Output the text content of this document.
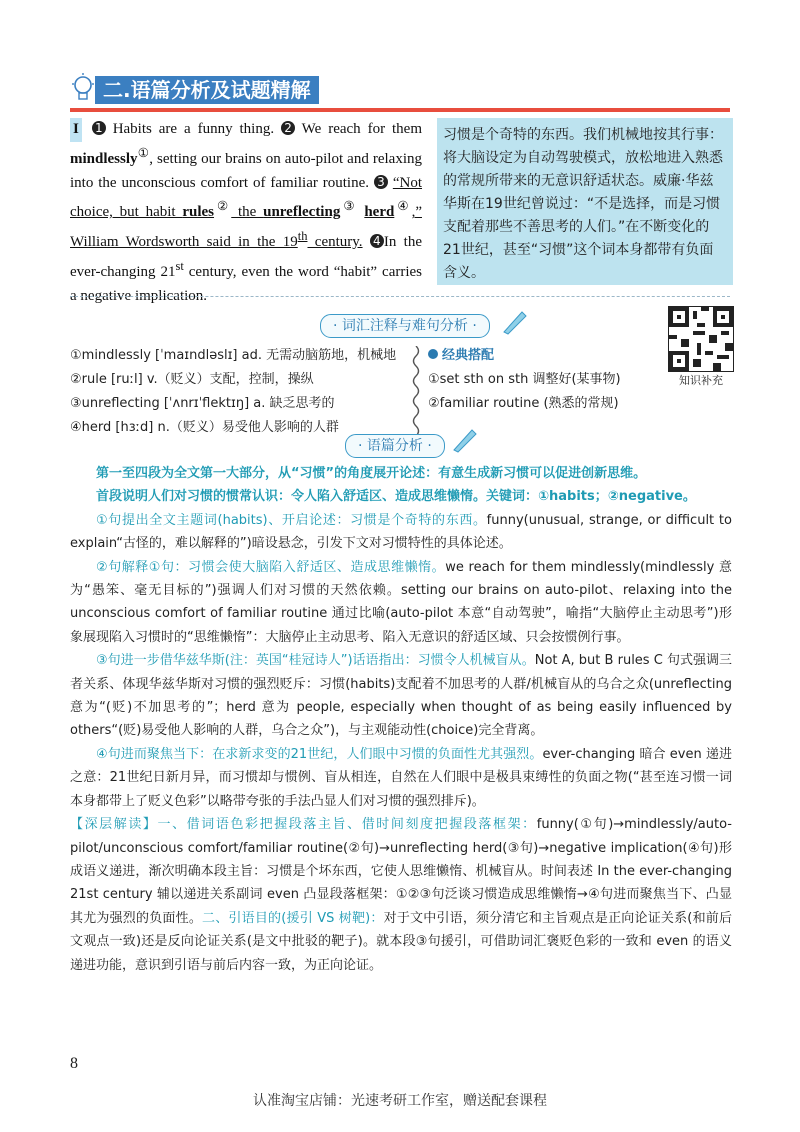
二.语篇分析及试题精解
I 1 Habits are a funny thing. 2 We reach for them mindlessly①, setting our brains on auto-pilot and relaxing into the unconscious comfort of familiar routine. 3 “Not choice, but habit rules② the unreflecting③ herd④,” William Wordsworth said in the 19th century. 4 In the ever-changing 21st century, even the word “habit” carries a negative implication.
习惯是个奇特的东西。我们机械地按其行事：将大脑设定为自动驾驶模式，放松地进入熟悉的常规所带来的无意识舒适状态。威廉·华兹华斯在19世纪曾说过：“不是选择，而是习惯支配着那些不善思考的人们。”在不断变化的21世纪，甚至“习惯”这个词本身都带有负面含义。
· 词汇注释与难句分析 ·
①mindlessly [ˈmaɪndləslɪ] ad. 无需动脑筋地，机械地
②rule [ruːl] v.（贬义）支配，控制，操纵
③unreflecting [ˈʌnrɪˈflektɪŋ] a. 缺乏思考的
④herd [hɜːd] n.（贬义）易受他人影响的人群
经典搭配
①set sth on sth 调整好(某事物)
②familiar routine (熟悉的常规)
知识补充
· 语篇分析 ·

第一至四段为全文第一大部分，从“习惯”的角度展开论述：有意生成新习惯可以促进创新思维。

首段说明人们对习惯的惯常认识：令人陷入舒适区、造成思维懒惰。关键词：①habits；②negative。

①句提出全文主题词(habits)、开启论述：习惯是个奇特的东西。funny(unusual, strange, or difficult to explain“古怪的，难以解释的”)暗设悬念，引发下文对习惯特性的具体论述。

②句解释①句：习惯会使大脑陷入舒适区、造成思维懒惰。we reach for them mindlessly(mindlessly 意为“愚笨、毫无目标的”)强调人们对习惯的天然依赖。setting our brains on auto-pilot、relaxing into the unconscious comfort of familiar routine 通过比喻(auto-pilot 本意“自动驾驶”，喻指“大脑停止主动思考”)形象展现陷入习惯时的“思维懒惰”：大脑停止主动思考、陷入无意识的舒适区域、只会按惯例行事。

③句进一步借华兹华斯(注：英国“桂冠诗人”)话语指出：习惯令人机械盲从。Not A, but B rules C 句式强调三者关系、体现华兹华斯对习惯的强烈贬斥：习惯(habits)支配着不加思考的人群/机械盲从的乌合之众(unreflecting 意为“(贬)不加思考的”；herd 意为 people, especially when thought of as being easily influenced by others“(贬)易受他人影响的人群，乌合之众”)，与主观能动性(choice)完全背离。

④句进而聚焦当下：在求新求变的21世纪，人们眼中习惯的负面性尤其强烈。ever-changing 暗合 even 递进之意：21世纪日新月异，而习惯却与惯例、盲从相连，自然在人们眼中是极具束缚性的负面之物(“甚至连习惯一词本身都带上了贬义色彩”以略带夸张的手法凸显人们对习惯的强烈排斥)。

【深层解读】一、借词语色彩把握段落主旨、借时间刻度把握段落框架：funny(①句)→mindlessly/auto-pilot/unconscious comfort/familiar routine(②句)→unreflecting herd(③句)→negative implication(④句)形成语义递进，渐次明确本段主旨：习惯是个坏东西，它使人思维懒惰、机械盲从。时间表述 In the ever-changing 21st century 辅以递进关系副词 even 凸显段落框架：①②③句泛谈习惯造成思维懒惰→④句进而聚焦当下、凸显其尤为强烈的负面性。二、引语目的(援引 VS 树靶)：对于文中引语，须分清它和主旨观点是正向论证关系(和前后文观点一致)还是反向论证关系(是文中批驳的靶子)。就本段③句援引，可借助词汇褒贬色彩的一致和 even 的语义递进功能，意识到引语与前后内容一致，为正向论证。

8
认准淘宝店铺：光速考研工作室，赠送配套课程
